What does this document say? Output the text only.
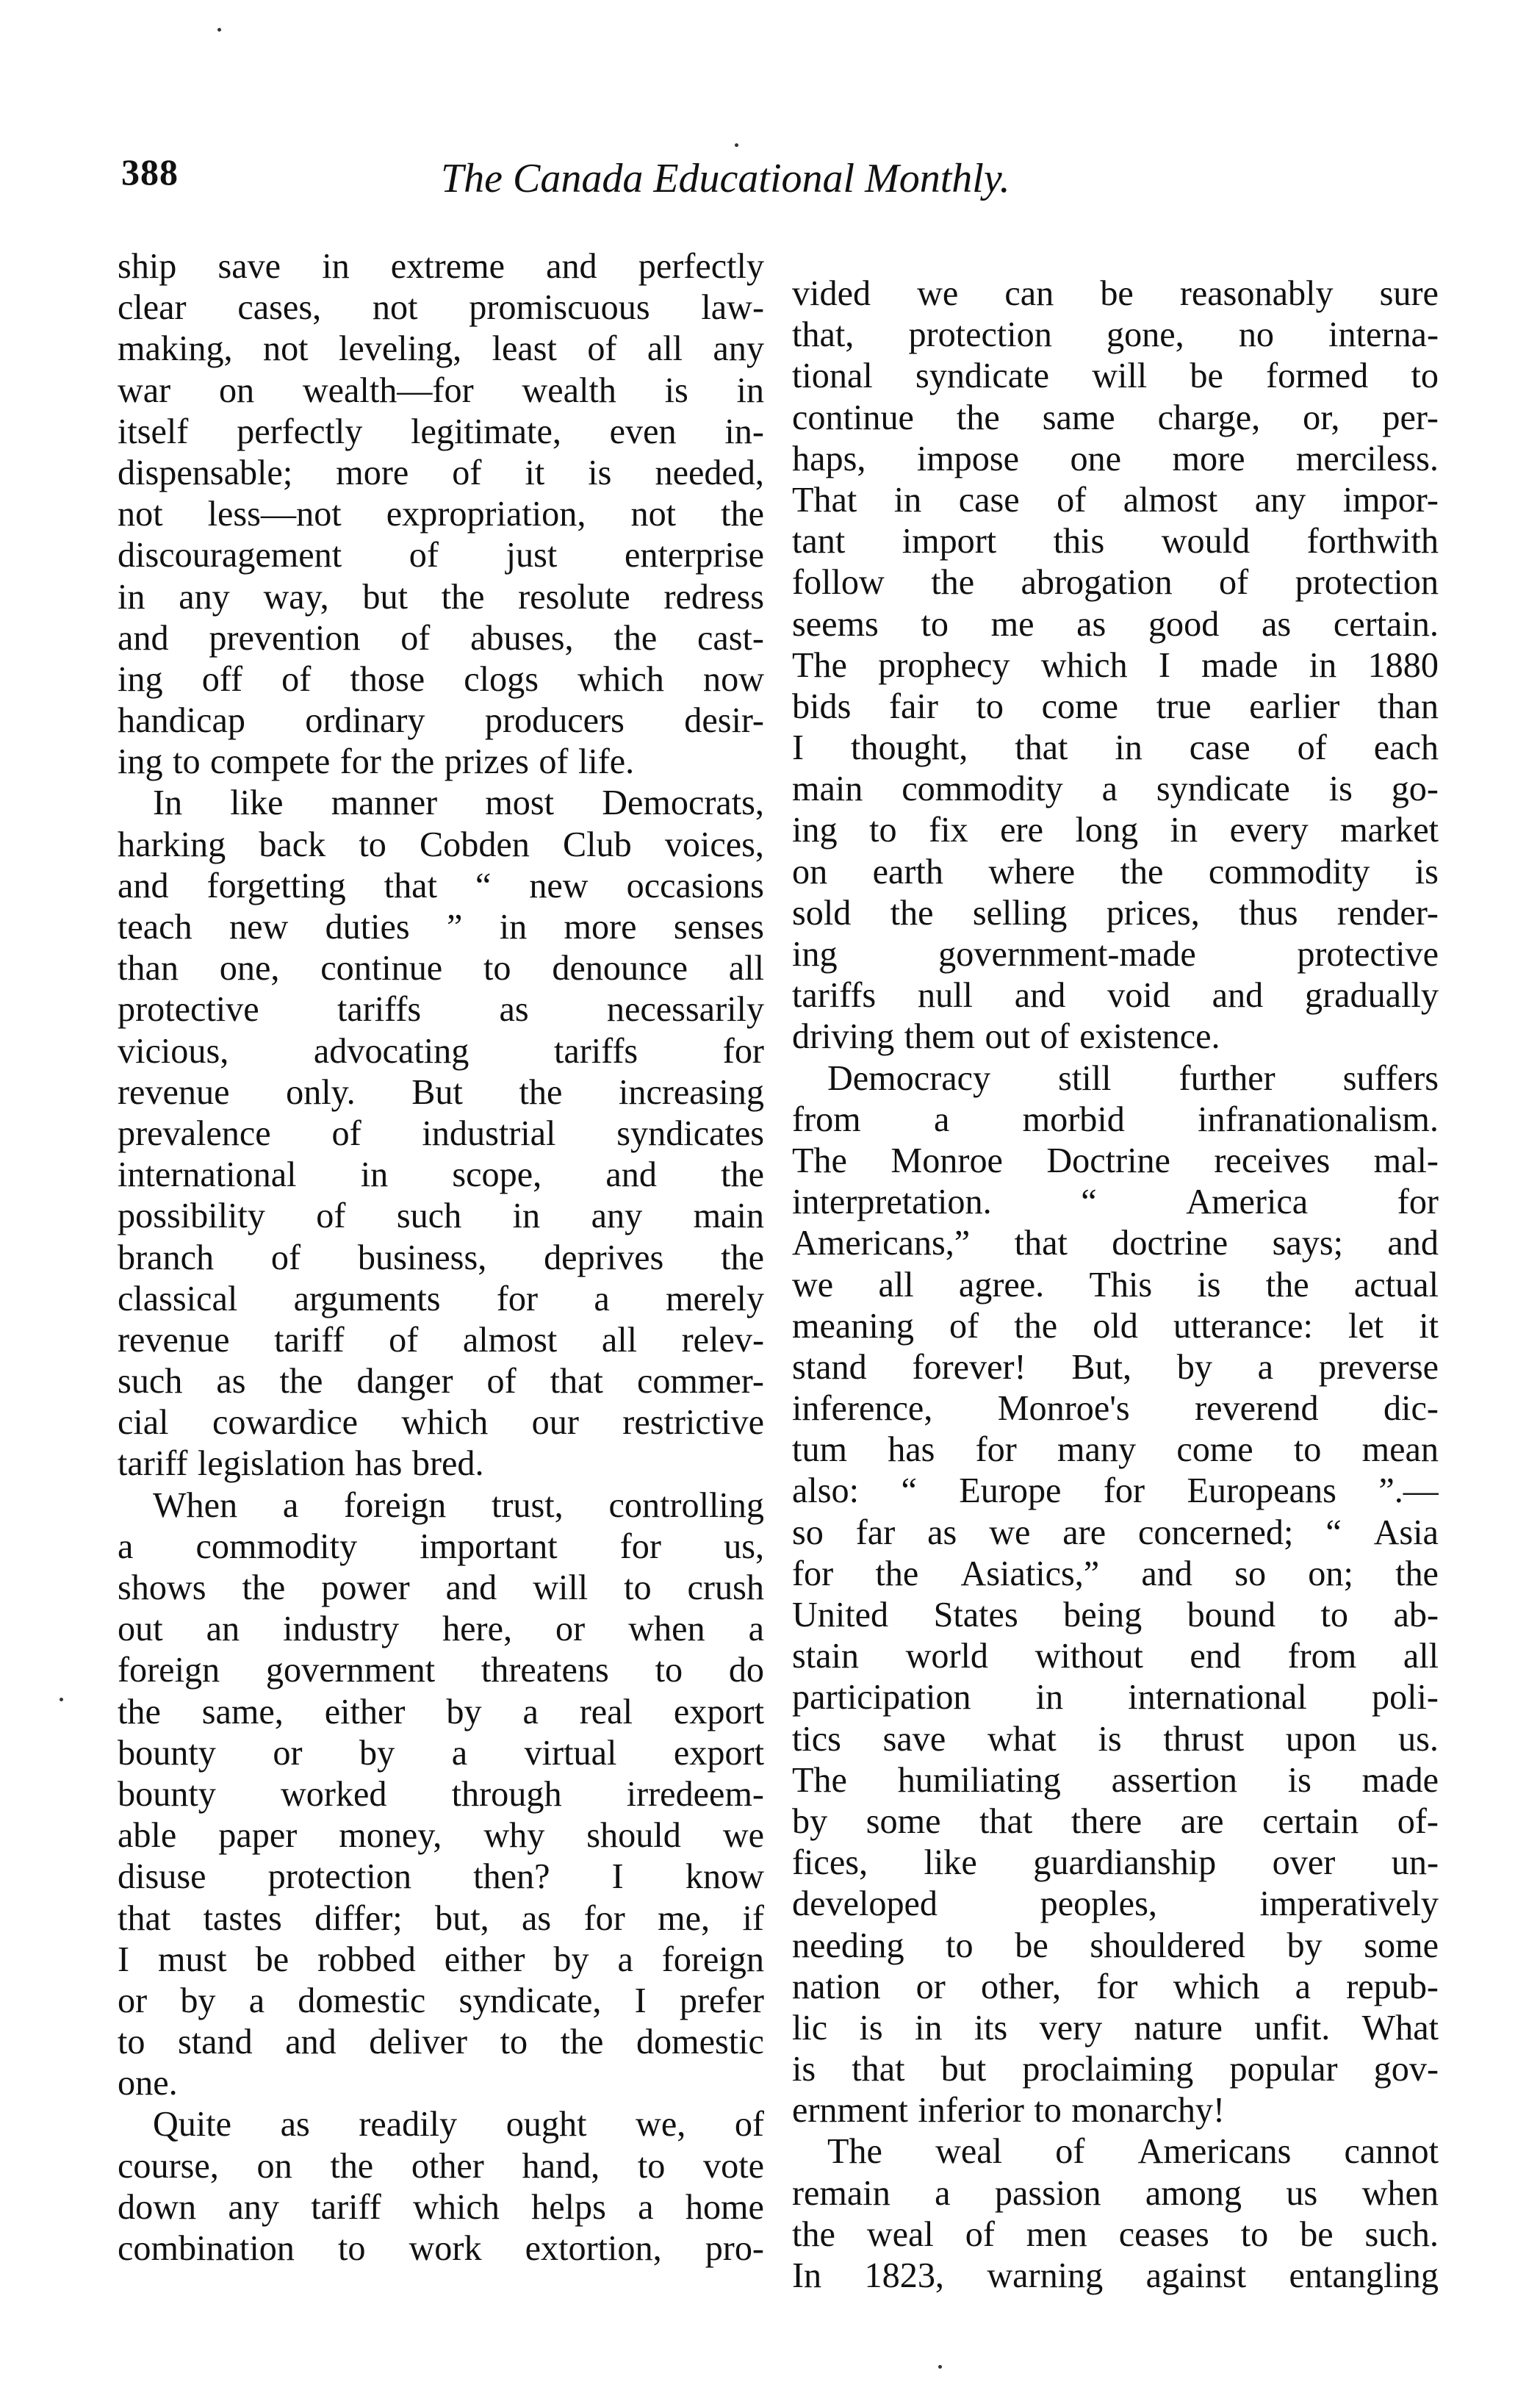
388	The Canada Educational Monthly.
ship save in extreme and perfectly
clear cases, not promiscuous law-
making, not leveling, least of all any
war on wealth—for wealth is in
itself perfectly legitimate, even in-
dispensable; more of it is needed,
not less—not expropriation, not the
discouragement of just enterprise
in any way, but the resolute redress
and prevention of abuses, the cast-
ing off of those clogs which now
handicap ordinary producers desir-
ing to compete for the prizes of life.
In like manner most Democrats,
harking back to Cobden Club voices,
and forgetting that “ new occasions
teach new duties ” in more senses
than one, continue to denounce all
protective tariffs as necessarily
vicious, advocating tariffs for
revenue only. But the increasing
prevalence of industrial syndicates
international in scope, and the
possibility of such in any main
branch of business, deprives the
classical arguments for a merely
revenue tariff of almost all relev-
such as the danger of that commer-
cial cowardice which our restrictive
tariff legislation has bred.
When a foreign trust, controlling
a commodity important for us,
shows the power and will to crush
out an industry here, or when a
foreign government threatens to do
the same, either by a real export
bounty or by a virtual export
bounty worked through irredeem-
able paper money, why should we
disuse protection then? I know
that tastes differ; but, as for me, if
I must be robbed either by a foreign
or by a domestic syndicate, I prefer
to stand and deliver to the domestic
one.
Quite as readily ought we, of
course, on the other hand, to vote
down any tariff which helps a home
combination to work extortion, pro-
vided we can be reasonably sure
that, protection gone, no interna-
tional syndicate will be formed to
continue the same charge, or, per-
haps, impose one more merciless.
That in case of almost any impor-
tant import this would forthwith
follow the abrogation of protection
seems to me as good as certain.
The prophecy which I made in 1880
bids fair to come true earlier than
I thought, that in case of each
main commodity a syndicate is go-
ing to fix ere long in every market
on earth where the commodity is
sold the selling prices, thus render-
ing	government-made	protective
tariffs null and void and gradually
driving them out of existence.
Democracy still further suffers
from a morbid infranationalism.
The Monroe Doctrine receives mal-
interpretation.	“	America	for
Americans,” that doctrine says; and
we all agree. This is the actual
meaning of the old utterance: let it
stand forever! But, by a preverse
inference, Monroe's reverend dic-
tum has for many come to mean
also: “ Europe for Europeans ”.—
so far as we are concerned; “ Asia
for the Asiatics,” and so on; the
United States being bound to ab-
stain world without end from all
participation in international poli-
tics save what is thrust upon us.
The humiliating assertion is made
by some that there are certain of-
fices, like guardianship over un-
developed	peoples,	imperatively
needing to be shouldered by some
nation or other, for which a repub-
lic is in its very nature unfit. What
is that but proclaiming popular gov-
ernment inferior to monarchy!
The weal of Americans cannot
remain a passion among us when
the weal of men ceases to be such.
In 1823, warning against entangling
